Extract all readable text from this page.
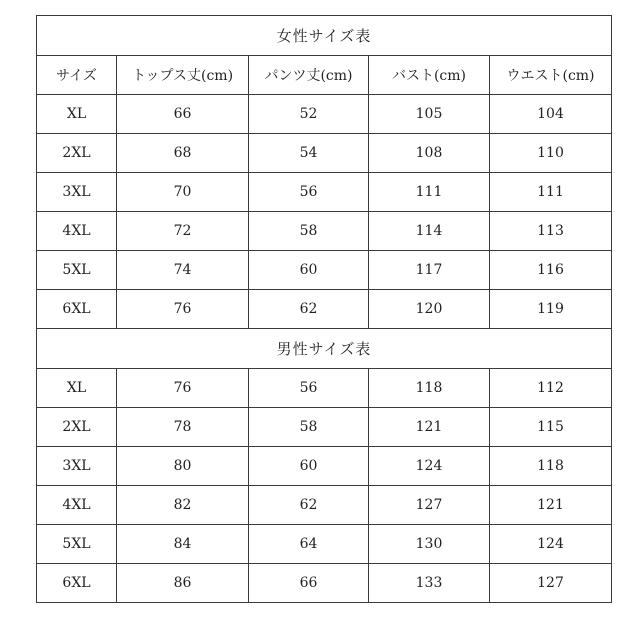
女性サイズ表				
サイズ	トップス丈(cm)	パンツ丈(cm)	バスト(cm)	ウエスト(cm)
XL	66	52	105	104
2XL	68	54	108	110
3XL	70	56	111	111
4XL	72	58	114	113
5XL	74	60	117	116
6XL	76	62	120	119
男性サイズ表				
XL	76	56	118	112
2XL	78	58	121	115
3XL	80	60	124	118
4XL	82	62	127	121
5XL	84	64	130	124
6XL	86	66	133	127
